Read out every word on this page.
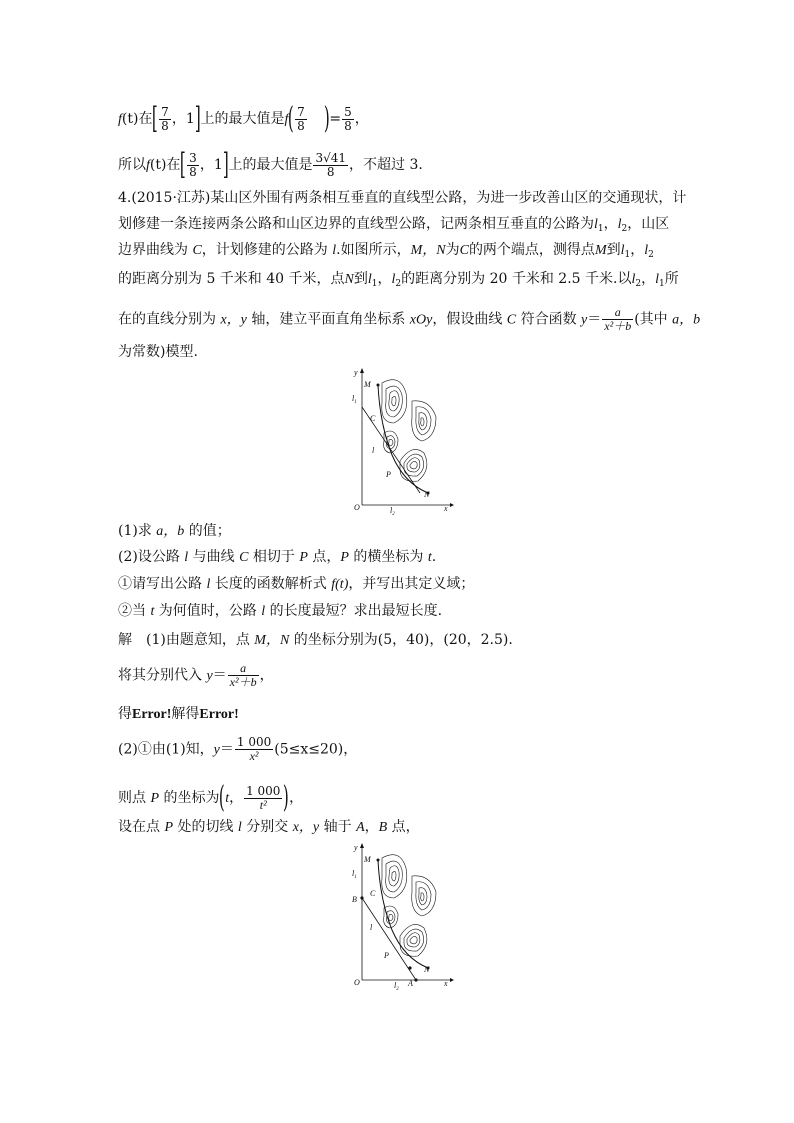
f(t)在[ $\frac{7}{8}$ ，1]上的最大值是$f( \frac{7}{8}$ )= $\frac{5}{8}$ ，
所以f(t)在[ $\frac{3}{8}$ ，1]上的最大值是 $\frac{3√41}{8}$ ，不超过 3.
4.(2015·江苏)某山区外围有两条相互垂直的直线型公路，为进一步改善山区的交通现状，计
划修建一条连接两条公路和山区边界的直线型公路，记两条相互垂直的公路为$l_1$，$l_2$，山区
边界曲线为 C，计划修建的公路为 l.如图所示，M，N为C的两个端点，测得点M到$l_1$，$l_2$
的距离分别为 5 千米和 40 千米，点N到$l_1$，$l_2$的距离分别为 20 千米和 2.5 千米.以$l_2$，$l_1$所
在的直线分别为 x，y 轴，建立平面直角坐标系 xOy，假设曲线 C 符合函数 $y= \frac{a}{\text{x²＋b}}$ (其中 a，b
为常数)模型.
y
M
$l_1$
C
l
P
N
O	$l_2$
x
(1)求 a，b 的值；
(2)设公路 l 与曲线 C 相切于 P 点，P 的横坐标为 t.
①请写出公路 l 长度的函数解析式 f(t)，并写出其定义域；
②当 t 为何值时，公路 l 的长度最短？求出最短长度.
解　(1)由题意知，点 M，N 的坐标分别为(5，40)，(20，2.5).
将其分别代入 $y= \frac{a}{\text{x²＋b}}$ ，
得Error!解得Error!
(2)①由(1)知，$y= \frac{1 000}{\text{x²}} (5\le x\le 20)$，
则点 P 的坐标为(t， $\frac{1 000}{\text{t²}}$ )，
设在点 P 处的切线 l 分别交 x，y 轴于 A，B 点，
y
M
$l_1$
C
B
l
P
N
O	$l_2$
A	x
